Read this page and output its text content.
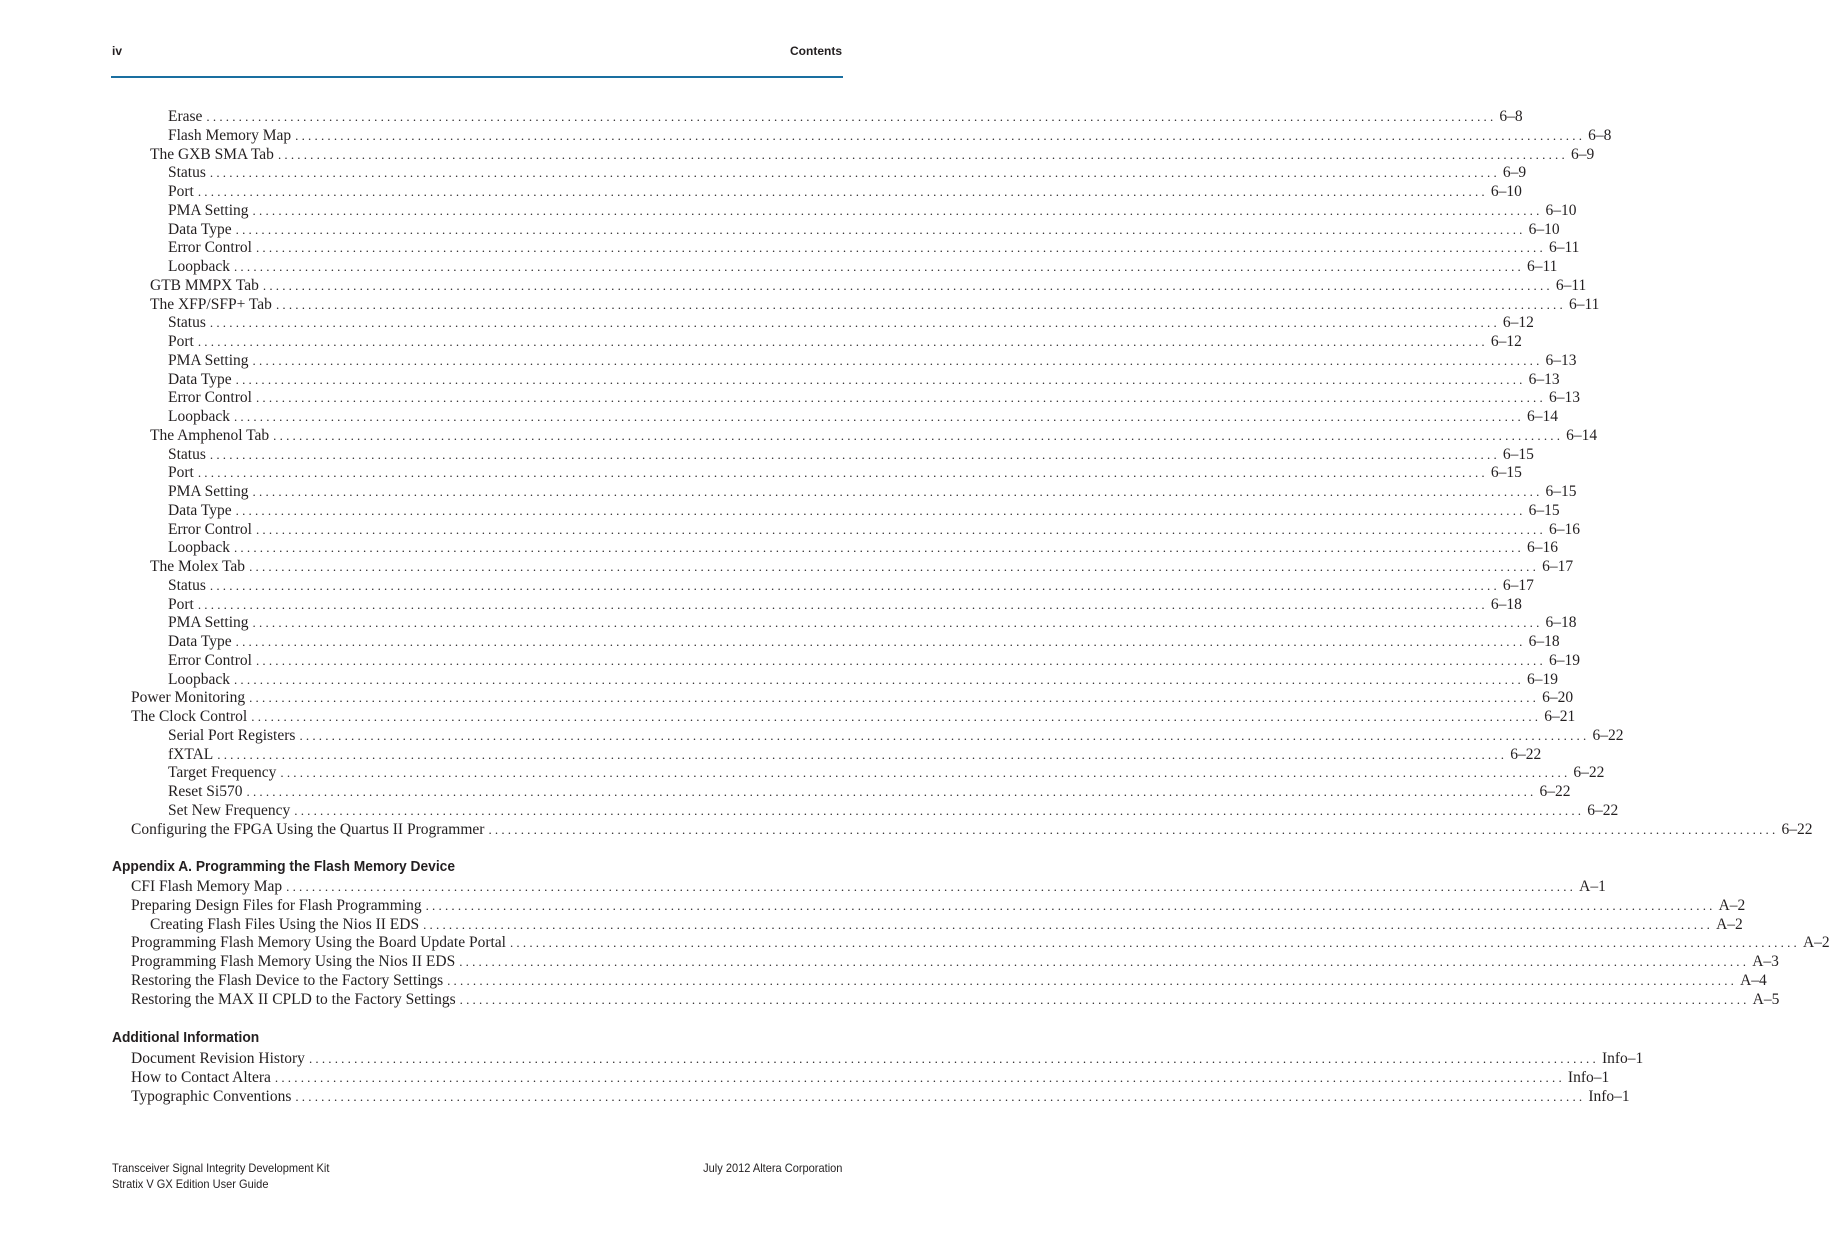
iv	Contents
Erase ........................................................................................................................................................................................................ 6–8
Flash Memory Map ........................................................................................................................................................................................................ 6–8
The GXB SMA Tab ........................................................................................................................................................................................................ 6–9
Status ........................................................................................................................................................................................................ 6–9
Port ........................................................................................................................................................................................................ 6–10
PMA Setting ........................................................................................................................................................................................................ 6–10
Data Type ........................................................................................................................................................................................................ 6–10
Error Control ........................................................................................................................................................................................................ 6–11
Loopback ........................................................................................................................................................................................................ 6–11
GTB MMPX Tab ........................................................................................................................................................................................................ 6–11
The XFP/SFP+ Tab ........................................................................................................................................................................................................ 6–11
Status ........................................................................................................................................................................................................ 6–12
Port ........................................................................................................................................................................................................ 6–12
PMA Setting ........................................................................................................................................................................................................ 6–13
Data Type ........................................................................................................................................................................................................ 6–13
Error Control ........................................................................................................................................................................................................ 6–13
Loopback ........................................................................................................................................................................................................ 6–14
The Amphenol Tab ........................................................................................................................................................................................................ 6–14
Status ........................................................................................................................................................................................................ 6–15
Port ........................................................................................................................................................................................................ 6–15
PMA Setting ........................................................................................................................................................................................................ 6–15
Data Type ........................................................................................................................................................................................................ 6–15
Error Control ........................................................................................................................................................................................................ 6–16
Loopback ........................................................................................................................................................................................................ 6–16
The Molex Tab ........................................................................................................................................................................................................ 6–17
Status ........................................................................................................................................................................................................ 6–17
Port ........................................................................................................................................................................................................ 6–18
PMA Setting ........................................................................................................................................................................................................ 6–18
Data Type ........................................................................................................................................................................................................ 6–18
Error Control ........................................................................................................................................................................................................ 6–19
Loopback ........................................................................................................................................................................................................ 6–19
Power Monitoring ........................................................................................................................................................................................................ 6–20
The Clock Control ........................................................................................................................................................................................................ 6–21
Serial Port Registers ........................................................................................................................................................................................................ 6–22
fXTAL ........................................................................................................................................................................................................ 6–22
Target Frequency ........................................................................................................................................................................................................ 6–22
Reset Si570 ........................................................................................................................................................................................................ 6–22
Set New Frequency ........................................................................................................................................................................................................ 6–22
Configuring the FPGA Using the Quartus II Programmer ........................................................................................................................................................................................................ 6–22
Appendix A. Programming the Flash Memory Device
CFI Flash Memory Map ........................................................................................................................................................................................................ A–1
Preparing Design Files for Flash Programming ........................................................................................................................................................................................................ A–2
Creating Flash Files Using the Nios II EDS ........................................................................................................................................................................................................ A–2
Programming Flash Memory Using the Board Update Portal ........................................................................................................................................................................................................ A–2
Programming Flash Memory Using the Nios II EDS ........................................................................................................................................................................................................ A–3
Restoring the Flash Device to the Factory Settings ........................................................................................................................................................................................................ A–4
Restoring the MAX II CPLD to the Factory Settings ........................................................................................................................................................................................................ A–5
Additional Information
Document Revision History ........................................................................................................................................................................................................ Info–1
How to Contact Altera ........................................................................................................................................................................................................ Info–1
Typographic Conventions ........................................................................................................................................................................................................ Info–1
Transceiver Signal Integrity Development Kit
Stratix V GX Edition User Guide
July 2012 Altera Corporation
